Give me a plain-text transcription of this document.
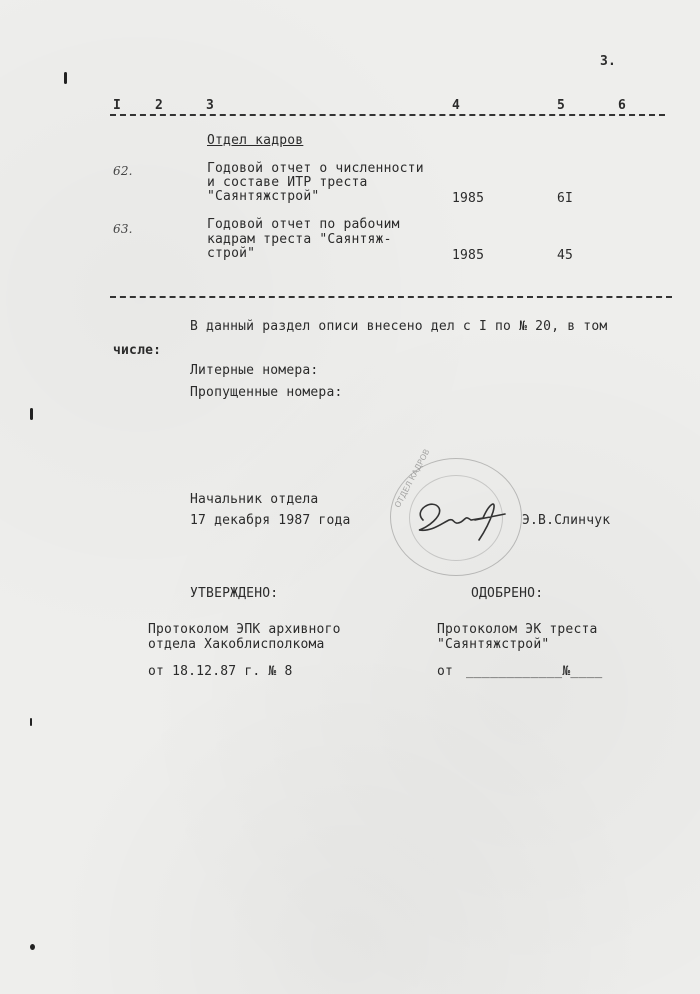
3.
I	2	3	4	5	6
Отдел кадров
62.	Годовой отчет о численности
и составе ИТР треста
"Саянтяжстрой"	1985	6I
63.	Годовой отчет по рабочим
кадрам треста "Саянтяж-
строй"	1985	45
В данный раздел описи внесено дел с I по № 20, в том
числе:
Литерные номера:
Пропущенные номера:
ОТДЕЛ КАДРОВ
Начальник отдела
17 декабря 1987 года	Э.В.Слинчук
УТВЕРЖДЕНО:
Протоколом ЭПК архивного
отдела Хакоблисполкома
от 18.12.87 г. № 8
ОДОБРЕНО:
Протоколом ЭК треста
"Саянтяжстрой"
от ____________№____
